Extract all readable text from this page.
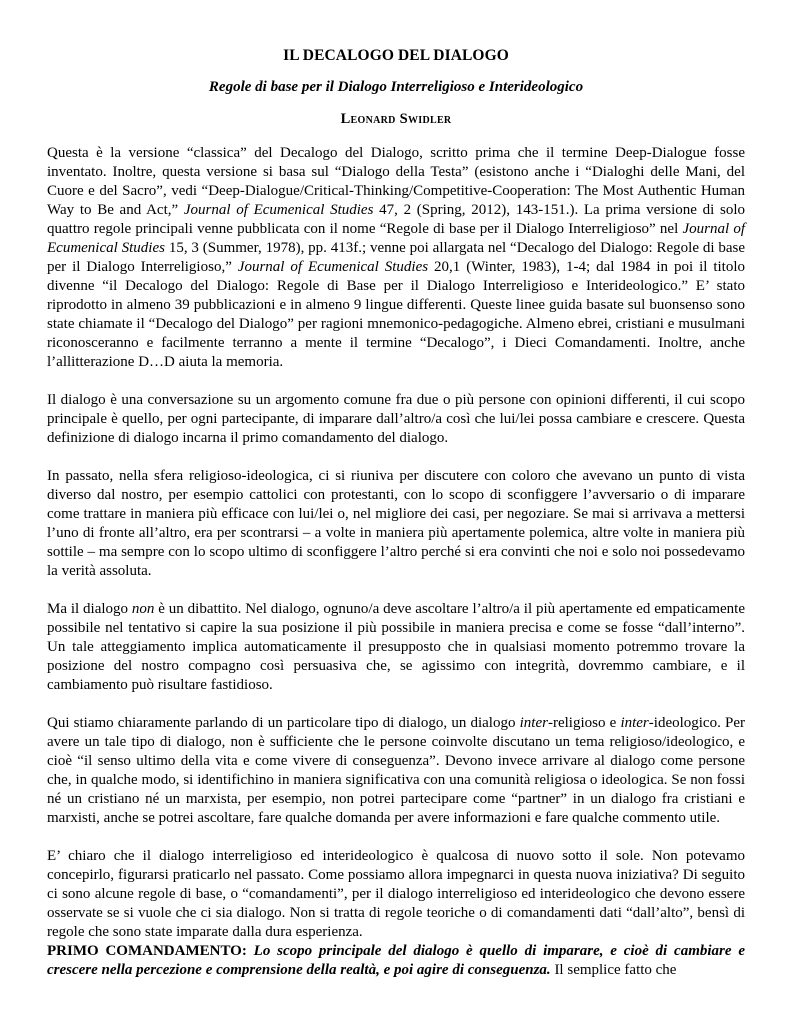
IL DECALOGO DEL DIALOGO
Regole di base per il Dialogo Interreligioso e Interideologico
Leonard Swidler

Questa è la versione “classica” del Decalogo del Dialogo, scritto prima che il termine Deep-Dialogue fosse inventato. Inoltre, questa versione si basa sul “Dialogo della Testa” (esistono anche i “Dialoghi delle Mani, del Cuore e del Sacro”, vedi “Deep-Dialogue/Critical-Thinking/Competitive-Cooperation: The Most Authentic Human Way to Be and Act,” Journal of Ecumenical Studies 47, 2 (Spring, 2012), 143-151.). La prima versione di solo quattro regole principali venne pubblicata con il nome “Regole di base per il Dialogo Interreligioso” nel Journal of Ecumenical Studies 15, 3 (Summer, 1978), pp. 413f.; venne poi allargata nel “Decalogo del Dialogo: Regole di base per il Dialogo Interreligioso,” Journal of Ecumenical Studies 20,1 (Winter, 1983), 1-4; dal 1984 in poi il titolo divenne “il Decalogo del Dialogo: Regole di Base per il Dialogo Interreligioso e Interideologico.” E’ stato riprodotto in almeno 39 pubblicazioni e in almeno 9 lingue differenti. Queste linee guida basate sul buonsenso sono state chiamate il “Decalogo del Dialogo” per ragioni mnemonico-pedagogiche. Almeno ebrei, cristiani e musulmani riconosceranno e facilmente terranno a mente il termine “Decalogo”, i Dieci Comandamenti. Inoltre, anche l’allitterazione D…D aiuta la memoria.

Il dialogo è una conversazione su un argomento comune fra due o più persone con opinioni differenti, il cui scopo principale è quello, per ogni partecipante, di imparare dall’altro/a così che lui/lei possa cambiare e crescere. Questa definizione di dialogo incarna il primo comandamento del dialogo.

In passato, nella sfera religioso-ideologica, ci si riuniva per discutere con coloro che avevano un punto di vista diverso dal nostro, per esempio cattolici con protestanti, con lo scopo di sconfiggere l’avversario o di imparare come trattare in maniera più efficace con lui/lei o, nel migliore dei casi, per negoziare. Se mai si arrivava a mettersi l’uno di fronte all’altro, era per scontrarsi – a volte in maniera più apertamente polemica, altre volte in maniera più sottile – ma sempre con lo scopo ultimo di sconfiggere l’altro perché si era convinti che noi e solo noi possedevamo la verità assoluta.

Ma il dialogo non è un dibattito. Nel dialogo, ognuno/a deve ascoltare l’altro/a il più apertamente ed empaticamente possibile nel tentativo si capire la sua posizione il più possibile in maniera precisa e come se fosse “dall’interno”. Un tale atteggiamento implica automaticamente il presupposto che in qualsiasi momento potremmo trovare la posizione del nostro compagno così persuasiva che, se agissimo con integrità, dovremmo cambiare, e il cambiamento può risultare fastidioso.

Qui stiamo chiaramente parlando di un particolare tipo di dialogo, un dialogo inter-religioso e inter-ideologico. Per avere un tale tipo di dialogo, non è sufficiente che le persone coinvolte discutano un tema religioso/ideologico, e cioè “il senso ultimo della vita e come vivere di conseguenza”. Devono invece arrivare al dialogo come persone che, in qualche modo, si identifichino in maniera significativa con una comunità religiosa o ideologica. Se non fossi né un cristiano né un marxista, per esempio, non potrei partecipare come “partner” in un dialogo fra cristiani e marxisti, anche se potrei ascoltare, fare qualche domanda per avere informazioni e fare qualche commento utile.

E’ chiaro che il dialogo interreligioso ed interideologico è qualcosa di nuovo sotto il sole. Non potevamo concepirlo, figurarsi praticarlo nel passato. Come possiamo allora impegnarci in questa nuova iniziativa? Di seguito ci sono alcune regole di base, o “comandamenti”, per il dialogo interreligioso ed interideologico che devono essere osservate se si vuole che ci sia dialogo. Non si tratta di regole teoriche o di comandamenti dati “dall’alto”, bensì di regole che sono state imparate dalla dura esperienza.

PRIMO COMANDAMENTO: Lo scopo principale del dialogo è quello di imparare, e cioè di cambiare e crescere nella percezione e comprensione della realtà, e poi agire di conseguenza. Il semplice fatto che
